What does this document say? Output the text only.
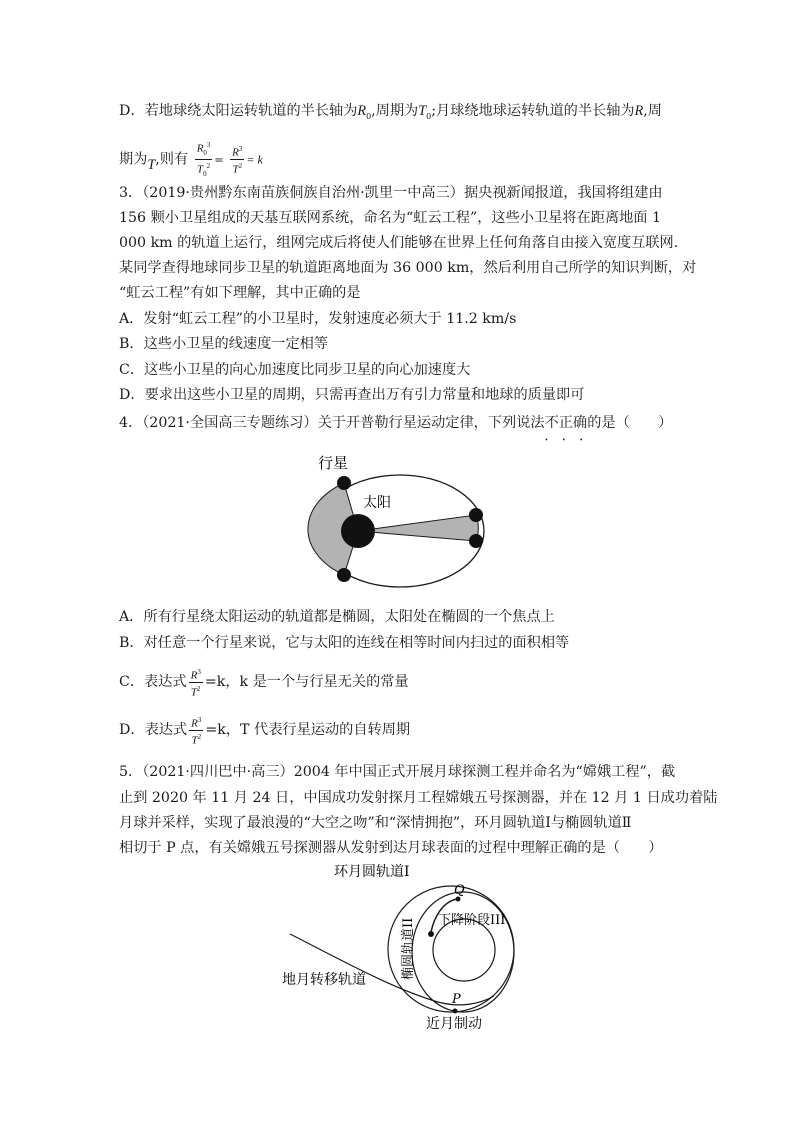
D．若地球绕太阳运转轨道的半长轴为$R_0$,周期为$T_0$;月球绕地球运转轨道的半长轴为R,周
期为T,则有 $\frac{R_0^3}{T_0^2} = \frac{R^3}{T^2} = k$
3．（2019·贵州黔东南苗族侗族自治州·凯里一中高三）据央视新闻报道，我国将组建由
156 颗小卫星组成的天基互联网系统，命名为“虹云工程”，这些小卫星将在距离地面 1
000 km 的轨道上运行，组网完成后将使人们能够在世界上任何角落自由接入宽度互联网.
某同学查得地球同步卫星的轨道距离地面为 36 000 km，然后利用自己所学的知识判断，对
“虹云工程”有如下理解，其中正确的是
A．发射“虹云工程”的小卫星时，发射速度必须大于 11.2 km/s
B．这些小卫星的线速度一定相等
C．这些小卫星的向心加速度比同步卫星的向心加速度大
D．要求出这些小卫星的周期，只需再查出万有引力常量和地球的质量即可
4．（2021·全国高三专题练习）关于开普勒行星运动定律，下列说法不正确 • • •的是（　　）
行星
太阳
A．所有行星绕太阳运动的轨道都是椭圆，太阳处在椭圆的一个焦点上
B．对任意一个行星来说，它与太阳的连线在相等时间内扫过的面积相等
C．表达式 $\frac{R^3}{T^2} =k$，k 是一个与行星无关的常量
D．表达式 $\frac{R^3}{T^2} =k$，T 代表行星运动的自转周期
5．（2021·四川巴中·高三）2004 年中国正式开展月球探测工程并命名为“嫦娥工程”，截
止到 2020 年 11 月 24 日，中国成功发射探月工程嫦娥五号探测器，并在 12 月 1 日成功着陆
月球并采样，实现了最浪漫的“大空之吻”和“深情拥抱”，环月圆轨道Ⅰ与椭圆轨道Ⅱ
相切于 P 点，有关嫦娥五号探测器从发射到达月球表面的过程中理解正确的是（　　）
环月圆轨道I
Q
椭圆轨道II 下降阶段III
地月转移轨道
P
近月制动
